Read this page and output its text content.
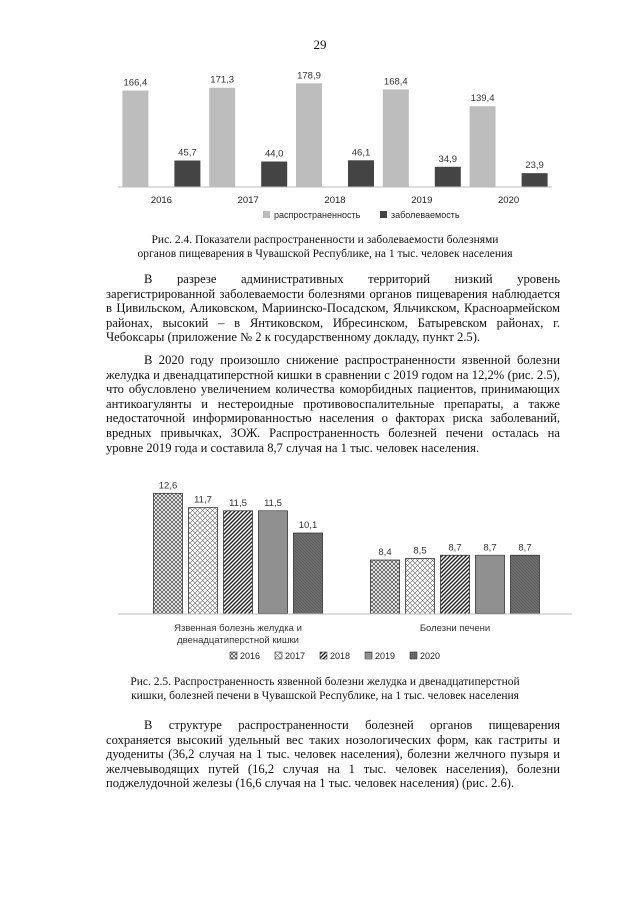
29
166,4
45,7
171,3
44,0
178,9
46,1
168,4
34,9
139,4
23,9
2016	2017	2018	2019	2020
распространенность	заболеваемость
Рис. 2.4. Показатели распространенности и заболеваемости болезнями
органов пищеварения в Чувашской Республике, на 1 тыс. человек населения

В разрезе административных территорий низкий уровень зарегистрированной заболеваемости болезнями органов пищеварения наблюдается в Цивильском, Аликовском, Мариинско-Посадском, Яльчикском, Красноармейском районах, высокий – в Янтиковском, Ибресинском, Батыревском районах, г. Чебоксары (приложение № 2 к государственному докладу, пункт 2.5).

В 2020 году произошло снижение распространенности язвенной болезни желудка и двенадцатиперстной кишки в сравнении с 2019 годом на 12,2% (рис. 2.5), что обусловлено увеличением количества коморбидных пациентов, принимающих антикоагулянты и нестероидные противовоспалительные препараты, а также недостаточной информированностью населения о факторах риска заболеваний, вредных привычках, ЗОЖ. Распространенность болезней печени осталась на уровне 2019 года и составила 8,7 случая на 1 тыс. человек населения.

12,6
11,7 11,5 11,5
10,1
8,4 8,5 8,7 8,7 8,7
Язвенная болезнь желудка и
двенадцатиперстной кишки
Болезни печени
2016	2017	2018	2019	2020
Рис. 2.5. Распространенность язвенной болезни желудка и двенадцатиперстной
кишки, болезней печени в Чувашской Республике, на 1 тыс. человек населения

В структуре распространенности болезней органов пищеварения сохраняется высокий удельный вес таких нозологических форм, как гастриты и дуодениты (36,2 случая на 1 тыс. человек населения), болезни желчного пузыря и желчевыводящих путей (16,2 случая на 1 тыс. человек населения), болезни поджелудочной железы (16,6 случая на 1 тыс. человек населения) (рис. 2.6).
